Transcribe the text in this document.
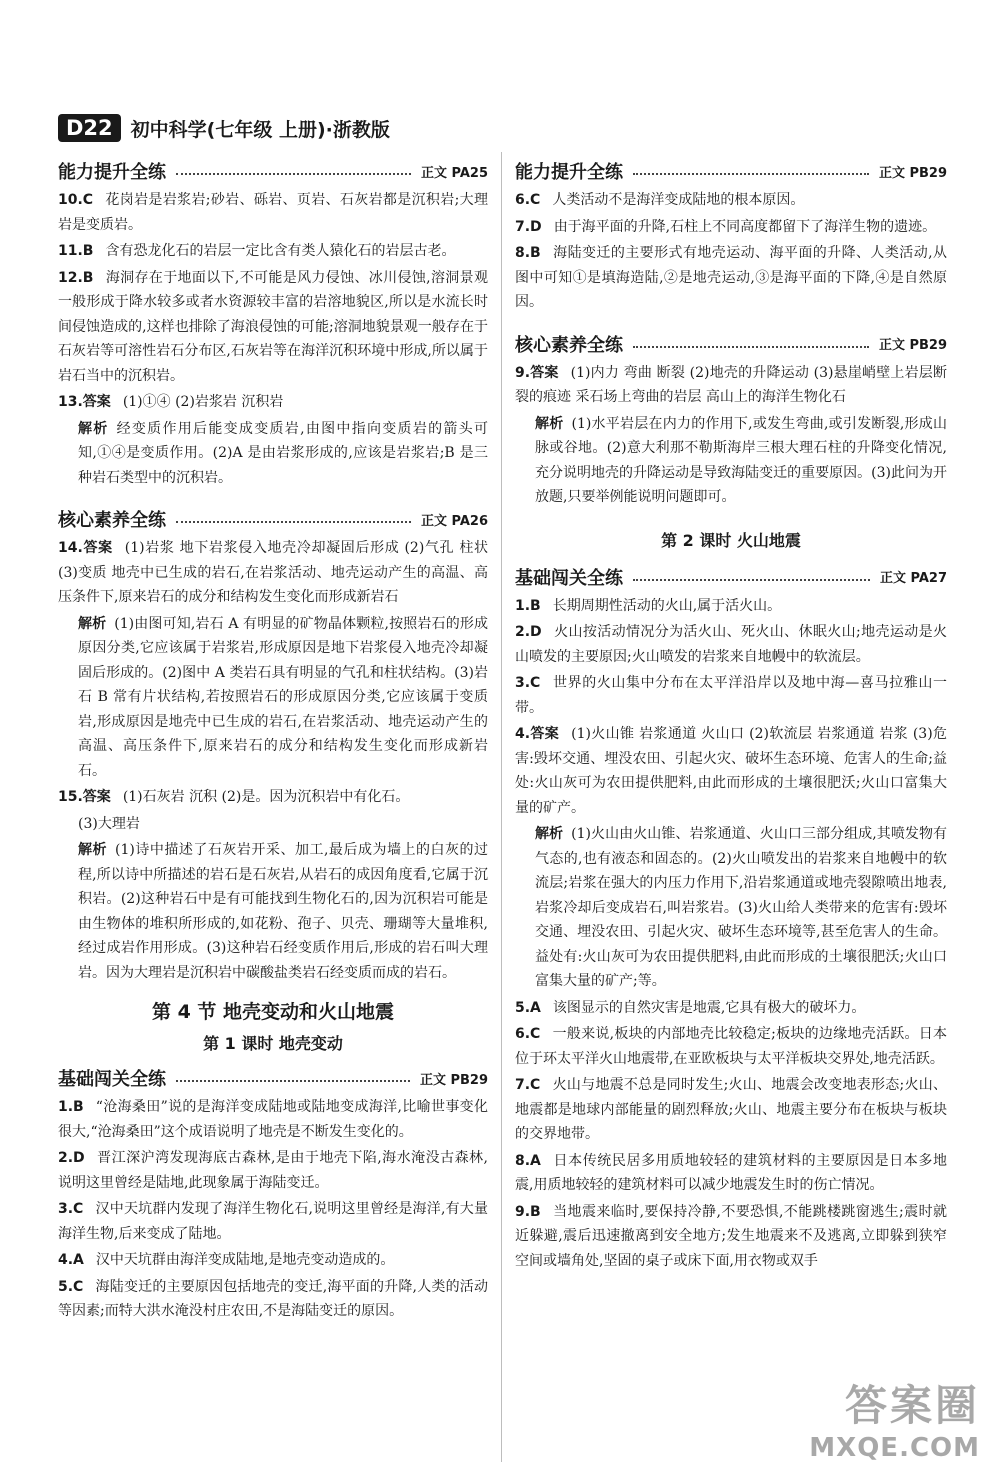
D22 初中科学(七年级 上册)·浙教版
能力提升全练	正文 PA25

10.C 花岗岩是岩浆岩;砂岩、砾岩、页岩、石灰岩都是沉积岩;大理岩是变质岩。

11.B 含有恐龙化石的岩层一定比含有类人猿化石的岩层古老。

12.B 海洞存在于地面以下,不可能是风力侵蚀、冰川侵蚀,溶洞景观一般形成于降水较多或者水资源较丰富的岩溶地貌区,所以是水流长时间侵蚀造成的,这样也排除了海浪侵蚀的可能;溶洞地貌景观一般存在于石灰岩等可溶性岩石分布区,石灰岩等在海洋沉积环境中形成,所以属于岩石当中的沉积岩。

13.答案 (1)①④ (2)岩浆岩 沉积岩

解析 经变质作用后能变成变质岩,由图中指向变质岩的箭头可知,①④是变质作用。(2)A 是由岩浆形成的,应该是岩浆岩;B 是三种岩石类型中的沉积岩。

核心素养全练	正文 PA26

14.答案 (1)岩浆 地下岩浆侵入地壳冷却凝固后形成 (2)气孔 柱状 (3)变质 地壳中已生成的岩石,在岩浆活动、地壳运动产生的高温、高压条件下,原来岩石的成分和结构发生变化而形成新岩石

解析 (1)由图可知,岩石 A 有明显的矿物晶体颗粒,按照岩石的形成原因分类,它应该属于岩浆岩,形成原因是地下岩浆侵入地壳冷却凝固后形成的。(2)图中 A 类岩石具有明显的气孔和柱状结构。(3)岩石 B 常有片状结构,若按照岩石的形成原因分类,它应该属于变质岩,形成原因是地壳中已生成的岩石,在岩浆活动、地壳运动产生的高温、高压条件下,原来岩石的成分和结构发生变化而形成新岩石。

15.答案 (1)石灰岩 沉积 (2)是。因为沉积岩中有化石。

(3)大理岩

解析 (1)诗中描述了石灰岩开采、加工,最后成为墙上的白灰的过程,所以诗中所描述的岩石是石灰岩,从岩石的成因角度看,它属于沉积岩。(2)这种岩石中是有可能找到生物化石的,因为沉积岩可能是由生物体的堆积所形成的,如花粉、孢子、贝壳、珊瑚等大量堆积,经过成岩作用形成。(3)这种岩石经变质作用后,形成的岩石叫大理岩。因为大理岩是沉积岩中碳酸盐类岩石经变质而成的岩石。

第 4 节 地壳变动和火山地震
第 1 课时 地壳变动
基础闯关全练	正文 PB29

1.B “沧海桑田”说的是海洋变成陆地或陆地变成海洋,比喻世事变化很大,“沧海桑田”这个成语说明了地壳是不断发生变化的。

2.D 晋江深沪湾发现海底古森林,是由于地壳下陷,海水淹没古森林,说明这里曾经是陆地,此现象属于海陆变迁。

3.C 汉中天坑群内发现了海洋生物化石,说明这里曾经是海洋,有大量海洋生物,后来变成了陆地。

4.A 汉中天坑群由海洋变成陆地,是地壳变动造成的。

5.C 海陆变迁的主要原因包括地壳的变迁,海平面的升降,人类的活动等因素;而特大洪水淹没村庄农田,不是海陆变迁的原因。

能力提升全练	正文 PB29

6.C 人类活动不是海洋变成陆地的根本原因。

7.D 由于海平面的升降,石柱上不同高度都留下了海洋生物的遗迹。

8.B 海陆变迁的主要形式有地壳运动、海平面的升降、人类活动,从图中可知①是填海造陆,②是地壳运动,③是海平面的下降,④是自然原因。

核心素养全练	正文 PB29

9.答案 (1)内力 弯曲 断裂 (2)地壳的升降运动 (3)悬崖峭壁上岩层断裂的痕迹 采石场上弯曲的岩层 高山上的海洋生物化石

解析 (1)水平岩层在内力的作用下,或发生弯曲,或引发断裂,形成山脉或谷地。(2)意大利那不勒斯海岸三根大理石柱的升降变化情况,充分说明地壳的升降运动是导致海陆变迁的重要原因。(3)此问为开放题,只要举例能说明问题即可。

第 2 课时 火山地震
基础闯关全练	正文 PA27

1.B 长期周期性活动的火山,属于活火山。

2.D 火山按活动情况分为活火山、死火山、休眠火山;地壳运动是火山喷发的主要原因;火山喷发的岩浆来自地幔中的软流层。

3.C 世界的火山集中分布在太平洋沿岸以及地中海—喜马拉雅山一带。

4.答案 (1)火山锥 岩浆通道 火山口 (2)软流层 岩浆通道 岩浆 (3)危害:毁坏交通、埋没农田、引起火灾、破坏生态环境、危害人的生命;益处:火山灰可为农田提供肥料,由此而形成的土壤很肥沃;火山口富集大量的矿产。

解析 (1)火山由火山锥、岩浆通道、火山口三部分组成,其喷发物有气态的,也有液态和固态的。(2)火山喷发出的岩浆来自地幔中的软流层;岩浆在强大的内压力作用下,沿岩浆通道或地壳裂隙喷出地表,岩浆冷却后变成岩石,叫岩浆岩。(3)火山给人类带来的危害有:毁坏交通、埋没农田、引起火灾、破坏生态环境等,甚至危害人的生命。益处有:火山灰可为农田提供肥料,由此而形成的土壤很肥沃;火山口富集大量的矿产;等。

5.A 该图显示的自然灾害是地震,它具有极大的破坏力。

6.C 一般来说,板块的内部地壳比较稳定;板块的边缘地壳活跃。日本位于环太平洋火山地震带,在亚欧板块与太平洋板块交界处,地壳活跃。

7.C 火山与地震不总是同时发生;火山、地震会改变地表形态;火山、地震都是地球内部能量的剧烈释放;火山、地震主要分布在板块与板块的交界地带。

8.A 日本传统民居多用质地较轻的建筑材料的主要原因是日本多地震,用质地较轻的建筑材料可以减少地震发生时的伤亡情况。

9.B 当地震来临时,要保持冷静,不要恐惧,不能跳楼跳窗逃生;震时就近躲避,震后迅速撤离到安全地方;发生地震来不及逃离,立即躲到狭窄空间或墙角处,坚固的桌子或床下面,用衣物或双手

答案圈
MXQE.COM
